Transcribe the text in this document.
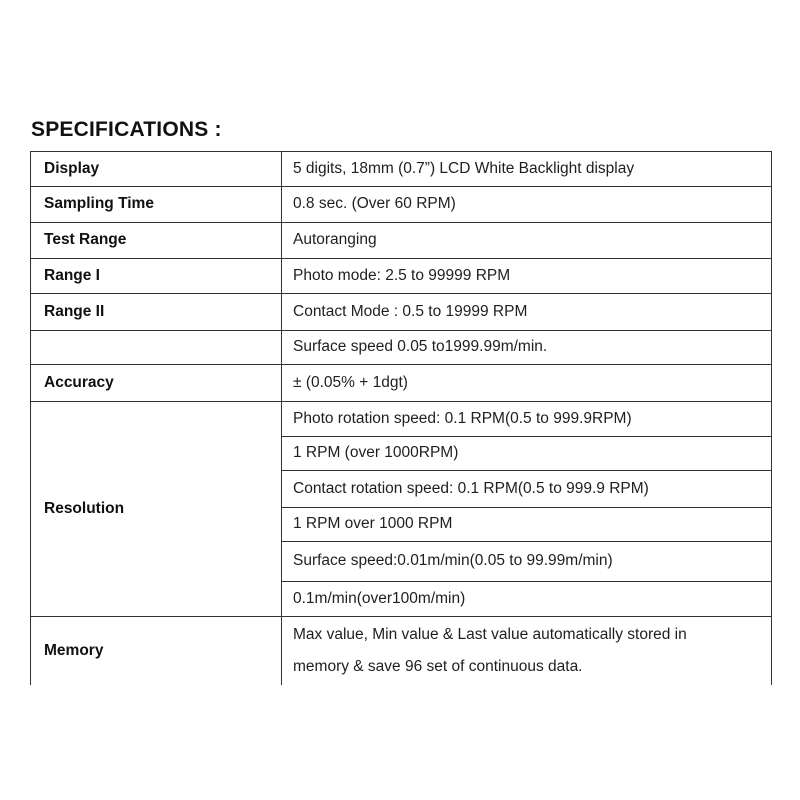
SPECIFICATIONS :
Display	5 digits, 18mm (0.7”) LCD White Backlight display
Sampling Time	0.8 sec. (Over 60 RPM)
Test Range	Autoranging
Range I	Photo mode: 2.5 to 99999 RPM
Range II	Contact Mode : 0.5 to 19999 RPM
	Surface speed 0.05 to1999.99m/min.
Accuracy	± (0.05% + 1dgt)
Resolution	Photo rotation speed: 0.1 RPM(0.5 to 999.9RPM)
	1 RPM (over 1000RPM)
	Contact rotation speed: 0.1 RPM(0.5 to 999.9 RPM)
	1 RPM over 1000 RPM
	Surface speed:0.01m/min(0.05 to 99.99m/min)
	0.1m/min(over100m/min)
Memory	Max value, Min value & Last value automatically stored in
memory & save 96 set of continuous data.
